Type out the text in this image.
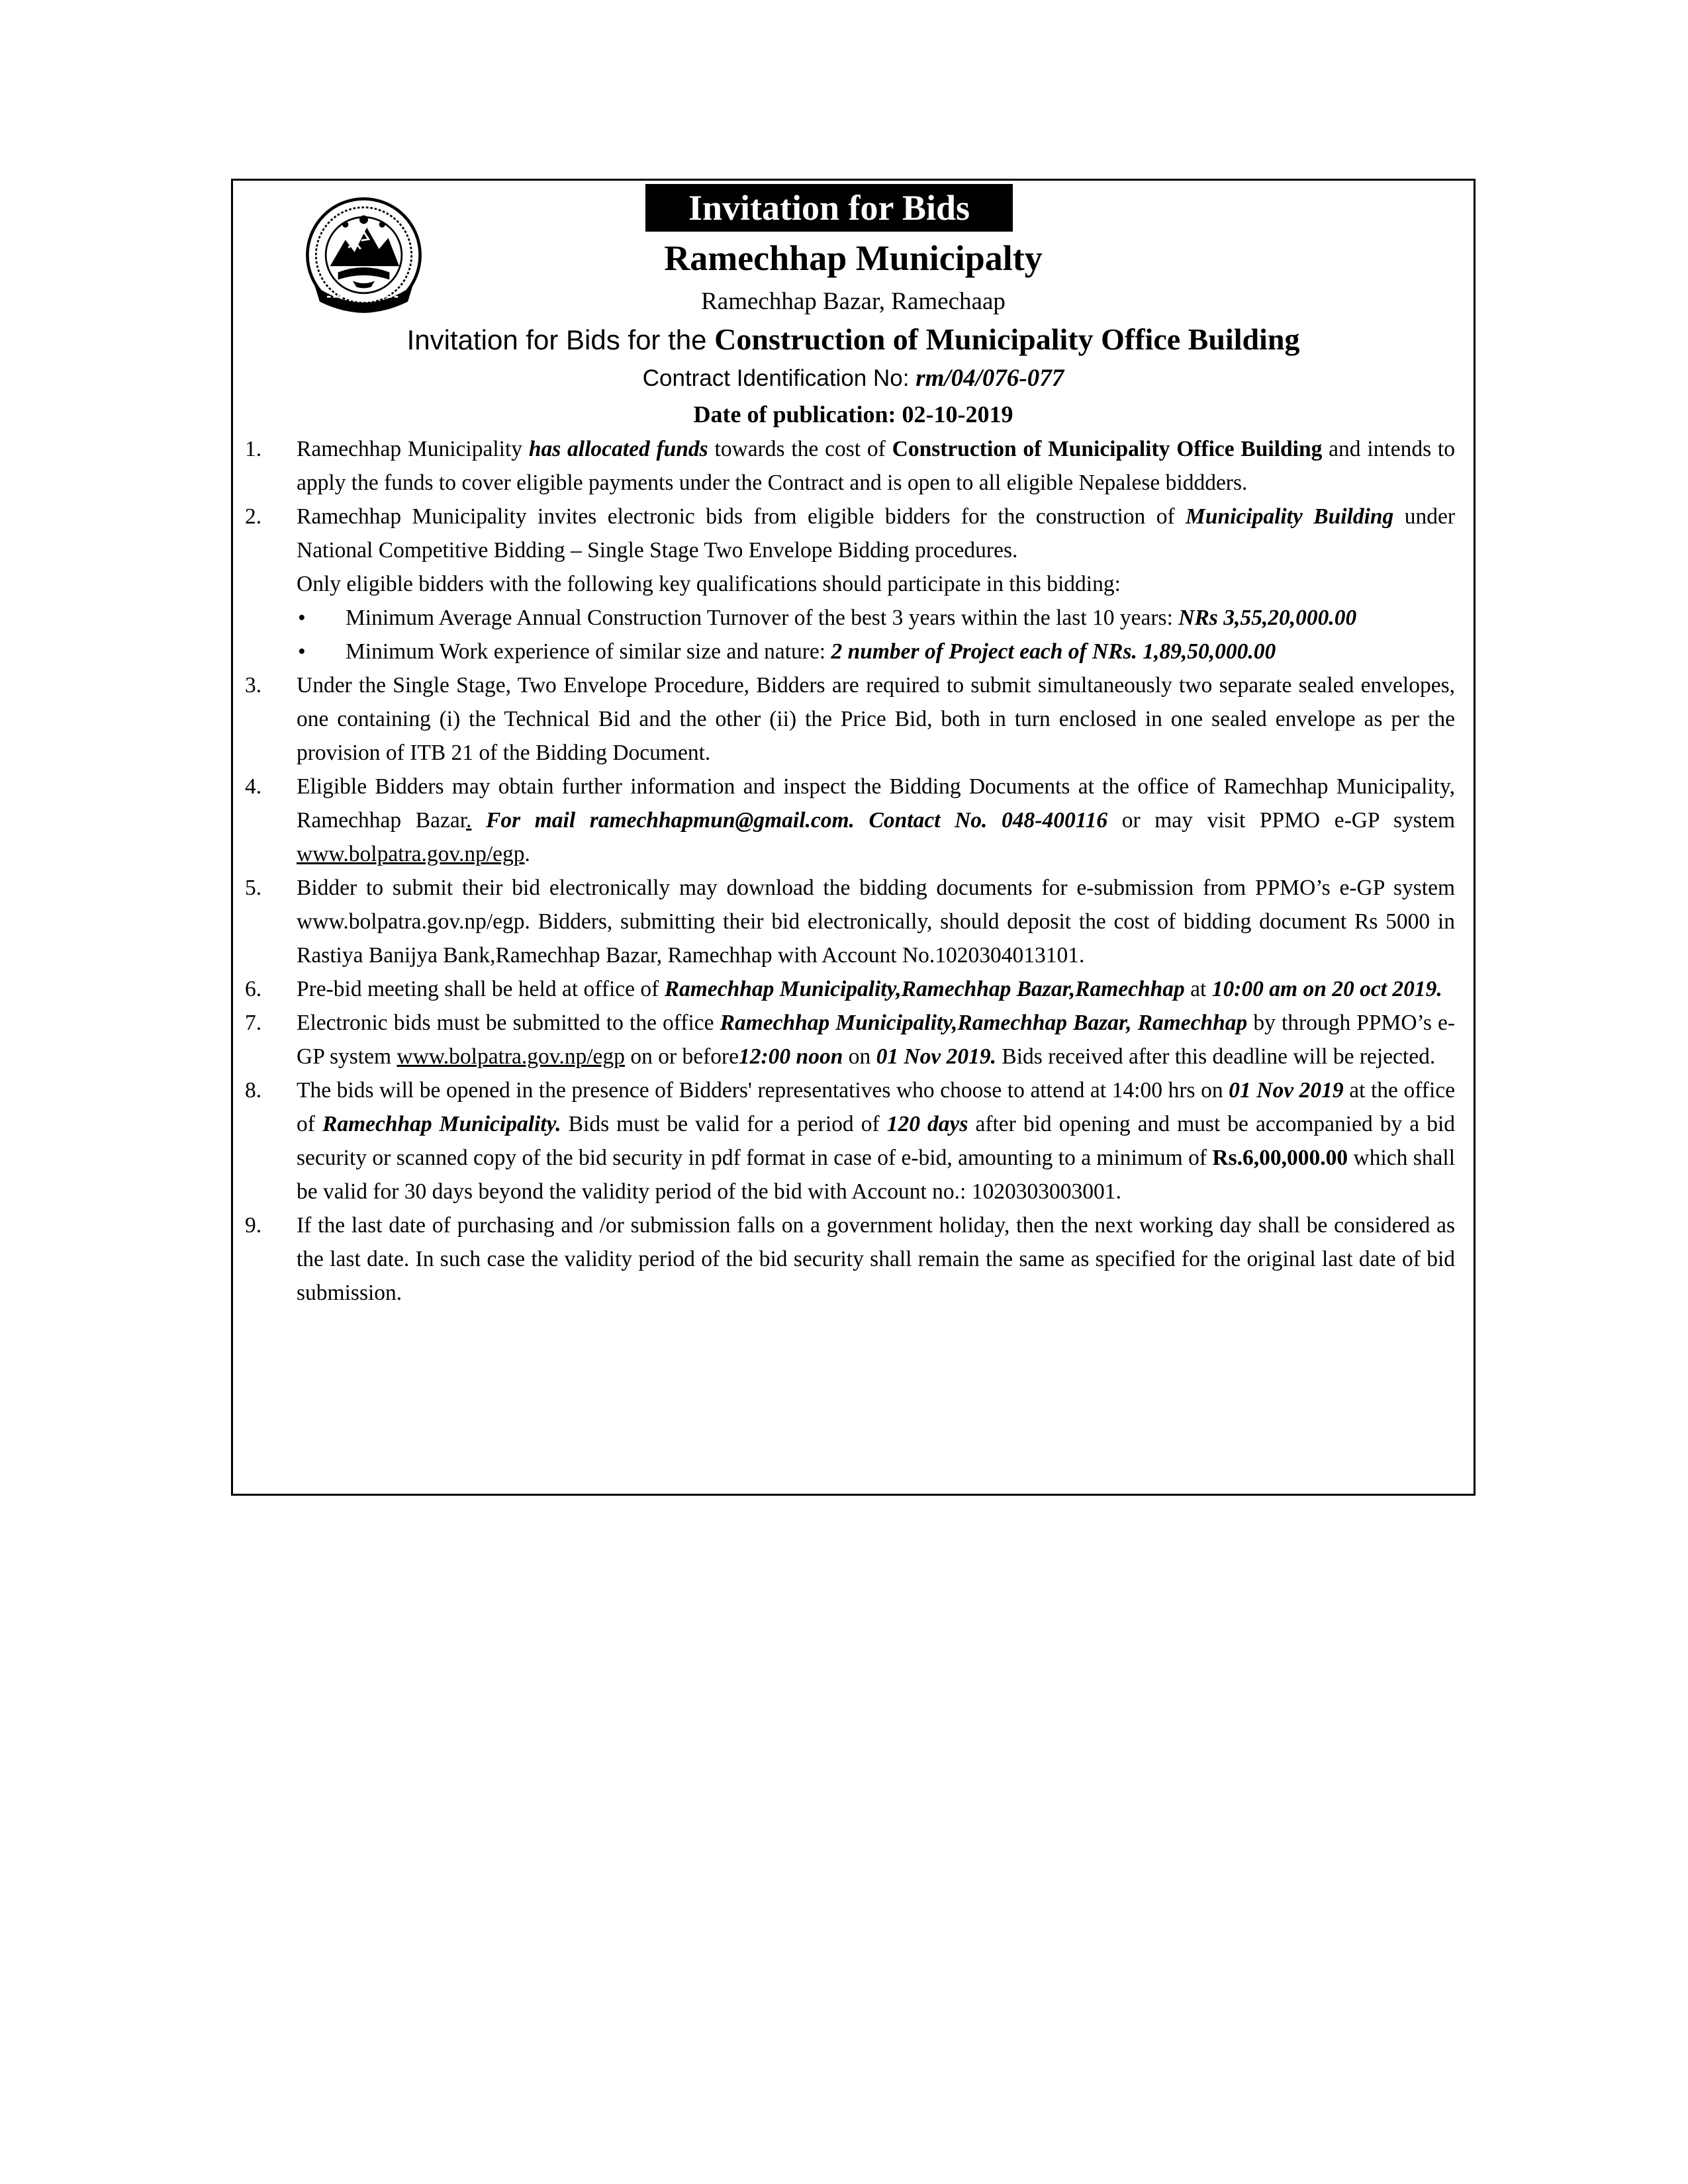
Invitation for Bids
Ramechhap Municipalty
Ramechhap Bazar, Ramechaap
Invitation for Bids for the Construction of Municipality Office Building
Contract Identification No: rm/04/076-077
Date of publication: 02-10-2019
1. Ramechhap Municipality has allocated funds towards the cost of Construction of Municipality Office Building and intends to apply the funds to cover eligible payments under the Contract and is open to all eligible Nepalese biddders.
2. Ramechhap Municipality invites electronic bids from eligible bidders for the construction of Municipality Building under National Competitive Bidding – Single Stage Two Envelope Bidding procedures.
Only eligible bidders with the following key qualifications should participate in this bidding:
• Minimum Average Annual Construction Turnover of the best 3 years within the last 10 years: NRs 3,55,20,000.00
• Minimum Work experience of similar size and nature: 2 number of Project each of NRs. 1,89,50,000.00
3. Under the Single Stage, Two Envelope Procedure, Bidders are required to submit simultaneously two separate sealed envelopes, one containing (i) the Technical Bid and the other (ii) the Price Bid, both in turn enclosed in one sealed envelope as per the provision of ITB 21 of the Bidding Document.
4. Eligible Bidders may obtain further information and inspect the Bidding Documents at the office of Ramechhap Municipality, Ramechhap Bazar. For mail ramechhapmun@gmail.com. Contact No. 048-400116 or may visit PPMO e-GP system www.bolpatra.gov.np/egp.
5. Bidder to submit their bid electronically may download the bidding documents for e-submission from PPMO’s e-GP system www.bolpatra.gov.np/egp. Bidders, submitting their bid electronically, should deposit the cost of bidding document Rs 5000 in Rastiya Banijya Bank,Ramechhap Bazar, Ramechhap with Account No.1020304013101.
6. Pre-bid meeting shall be held at office of Ramechhap Municipality,Ramechhap Bazar,Ramechhap at 10:00 am on 20 oct 2019.
7. Electronic bids must be submitted to the office Ramechhap Municipality,Ramechhap Bazar, Ramechhap by through PPMO’s e-GP system www.bolpatra.gov.np/egp on or before12:00 noon on 01 Nov 2019. Bids received after this deadline will be rejected.
8. The bids will be opened in the presence of Bidders' representatives who choose to attend at 14:00 hrs on 01 Nov 2019 at the office of Ramechhap Municipality. Bids must be valid for a period of 120 days after bid opening and must be accompanied by a bid security or scanned copy of the bid security in pdf format in case of e-bid, amounting to a minimum of Rs.6,00,000.00 which shall be valid for 30 days beyond the validity period of the bid with Account no.: 1020303003001.
9. If the last date of purchasing and /or submission falls on a government holiday, then the next working day shall be considered as the last date. In such case the validity period of the bid security shall remain the same as specified for the original last date of bid submission.
